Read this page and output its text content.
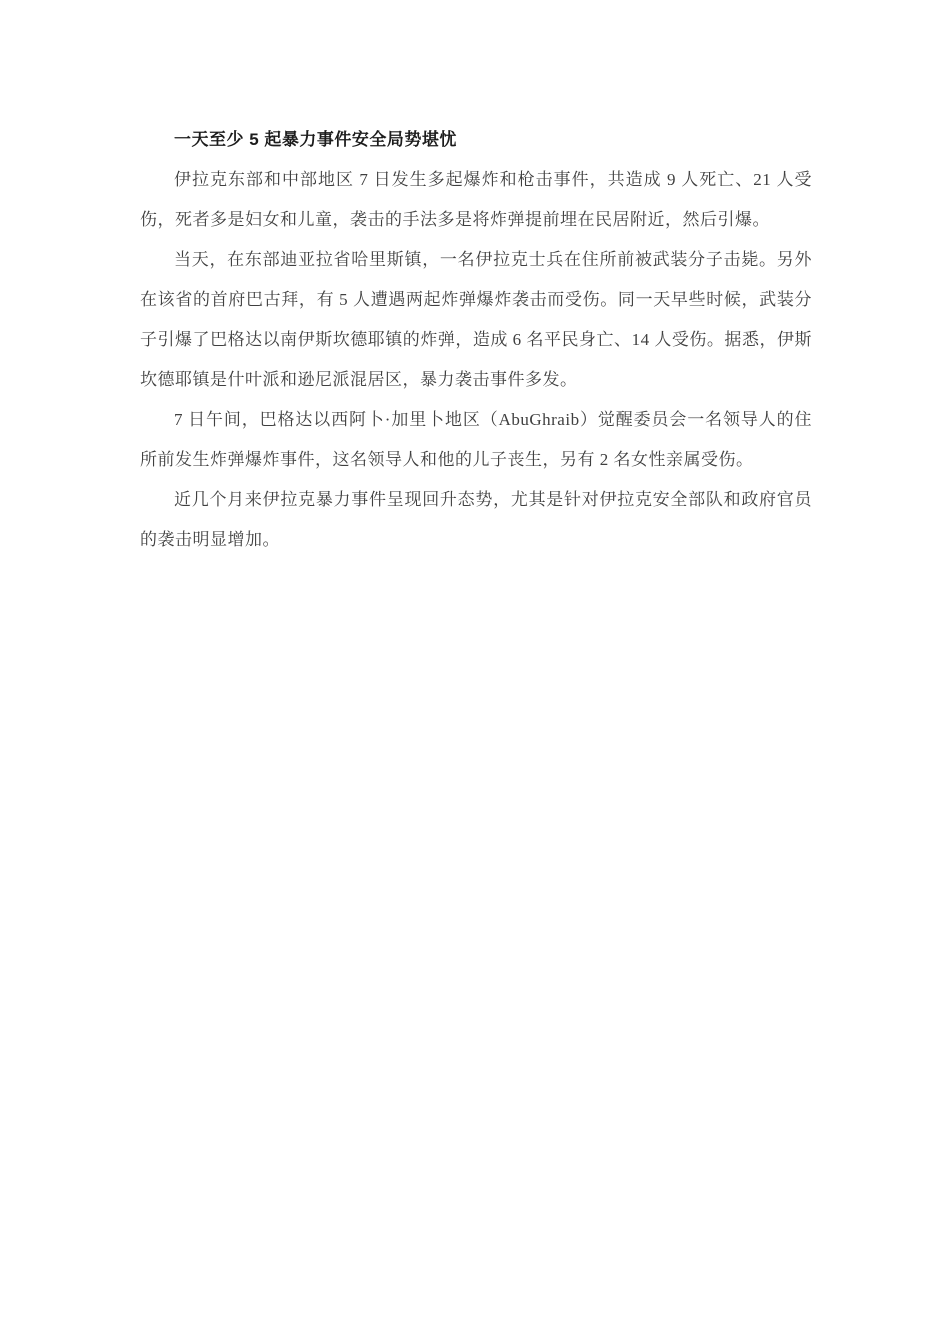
一天至少 5 起暴力事件安全局势堪忧

伊拉克东部和中部地区 7 日发生多起爆炸和枪击事件，共造成 9 人死亡、21 人受伤，死者多是妇女和儿童，袭击的手法多是将炸弹提前埋在民居附近，然后引爆。

当天，在东部迪亚拉省哈里斯镇，一名伊拉克士兵在住所前被武装分子击毙。另外在该省的首府巴古拜，有 5 人遭遇两起炸弹爆炸袭击而受伤。同一天早些时候，武装分子引爆了巴格达以南伊斯坎德耶镇的炸弹，造成 6 名平民身亡、14 人受伤。据悉，伊斯坎德耶镇是什叶派和逊尼派混居区，暴力袭击事件多发。

7 日午间，巴格达以西阿卜·加里卜地区（AbuGhraib）觉醒委员会一名领导人的住所前发生炸弹爆炸事件，这名领导人和他的儿子丧生，另有 2 名女性亲属受伤。

近几个月来伊拉克暴力事件呈现回升态势，尤其是针对伊拉克安全部队和政府官员的袭击明显增加。
